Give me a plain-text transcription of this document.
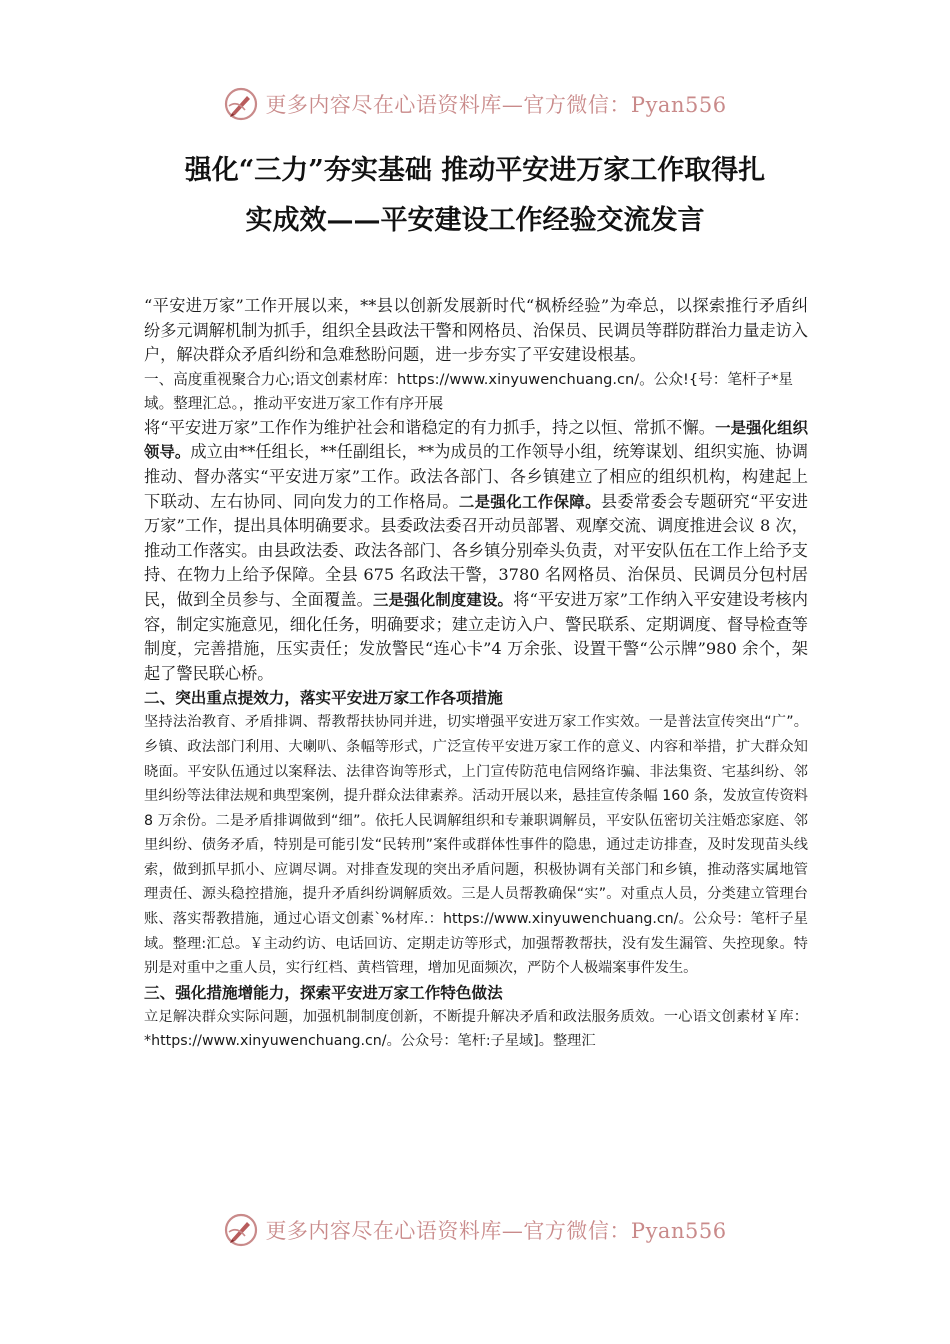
更多内容尽在心语资料库—官方微信：Pyan556
强化“三力”夯实基础 推动平安进万家工作取得扎
实成效——平安建设工作经验交流发言

“平安进万家”工作开展以来，**县以创新发展新时代“枫桥经验”为牵总，以探索推行矛盾纠纷多元调解机制为抓手，组织全县政法干警和网格员、治保员、民调员等群防群治力量走访入户，解决群众矛盾纠纷和急难愁盼问题，进一步夯实了平安建设根基。

一、高度重视聚合力心;语文创素材库：https://www.xinyuwenchuang.cn/。公众!{号：笔杆子*星域。整理汇总。，推动平安进万家工作有序开展

将“平安进万家”工作作为维护社会和谐稳定的有力抓手，持之以恒、常抓不懈。一是强化组织领导。成立由**任组长，**任副组长，**为成员的工作领导小组，统筹谋划、组织实施、协调推动、督办落实“平安进万家”工作。政法各部门、各乡镇建立了相应的组织机构，构建起上下联动、左右协同、同向发力的工作格局。二是强化工作保障。县委常委会专题研究“平安进万家”工作，提出具体明确要求。县委政法委召开动员部署、观摩交流、调度推进会议 8 次，推动工作落实。由县政法委、政法各部门、各乡镇分别牵头负责，对平安队伍在工作上给予支持、在物力上给予保障。全县 675 名政法干警，3780 名网格员、治保员、民调员分包村居民，做到全员参与、全面覆盖。三是强化制度建设。将“平安进万家”工作纳入平安建设考核内容，制定实施意见，细化任务，明确要求；建立走访入户、警民联系、定期调度、督导检查等制度，完善措施，压实责任；发放警民“连心卡”4 万余张、设置干警“公示牌”980 余个，架起了警民联心桥。

二、突出重点提效力，落实平安进万家工作各项措施

坚持法治教育、矛盾排调、帮教帮扶协同并进，切实增强平安进万家工作实效。一是普法宣传突出“广”。乡镇、政法部门利用、大喇叭、条幅等形式，广泛宣传平安进万家工作的意义、内容和举措，扩大群众知晓面。平安队伍通过以案释法、法律咨询等形式，上门宣传防范电信网络诈骗、非法集资、宅基纠纷、邻里纠纷等法律法规和典型案例，提升群众法律素养。活动开展以来，悬挂宣传条幅 160 条，发放宣传资料 8 万余份。二是矛盾排调做到“细”。依托人民调解组织和专兼职调解员，平安队伍密切关注婚恋家庭、邻里纠纷、债务矛盾，特别是可能引发“民转刑”案件或群体性事件的隐患，通过走访排查，及时发现苗头线索，做到抓早抓小、应调尽调。对排查发现的突出矛盾问题，积极协调有关部门和乡镇，推动落实属地管理责任、源头稳控措施，提升矛盾纠纷调解质效。三是人员帮教确保“实”。对重点人员，分类建立管理台账、落实帮教措施，通过心语文创素`%材库.：https://www.xinyuwenchuang.cn/。公众号：笔杆子星域。整理:汇总。￥主动约访、电话回访、定期走访等形式，加强帮教帮扶，没有发生漏管、失控现象。特别是对重中之重人员，实行红档、黄档管理，增加见面频次，严防个人极端案事件发生。

三、强化措施增能力，探索平安进万家工作特色做法

立足解决群众实际问题，加强机制制度创新，不断提升解决矛盾和政法服务质效。一心语文创素材￥库：*https://www.xinyuwenchuang.cn/。公众号：笔杆:子星域]。整理汇

更多内容尽在心语资料库—官方微信：Pyan556
